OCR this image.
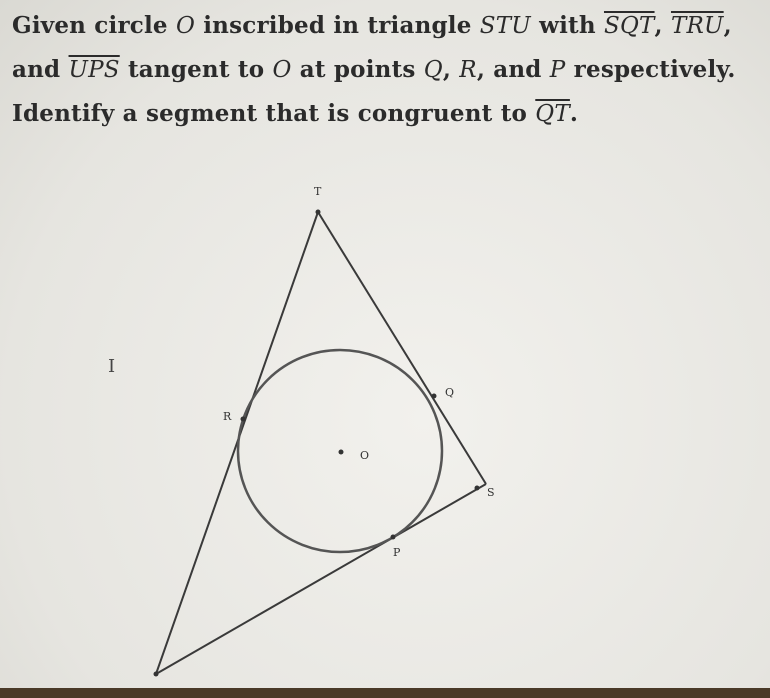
Given circle O inscribed in triangle STU with $\overline{SQT}$, $\overline{TRU}$, and $\overline{UPS}$ tangent to O at points Q, R, and P respectively. Identify a segment that is congruent to $\overline{QT}$.
T
Q
R
O
S
P
I
